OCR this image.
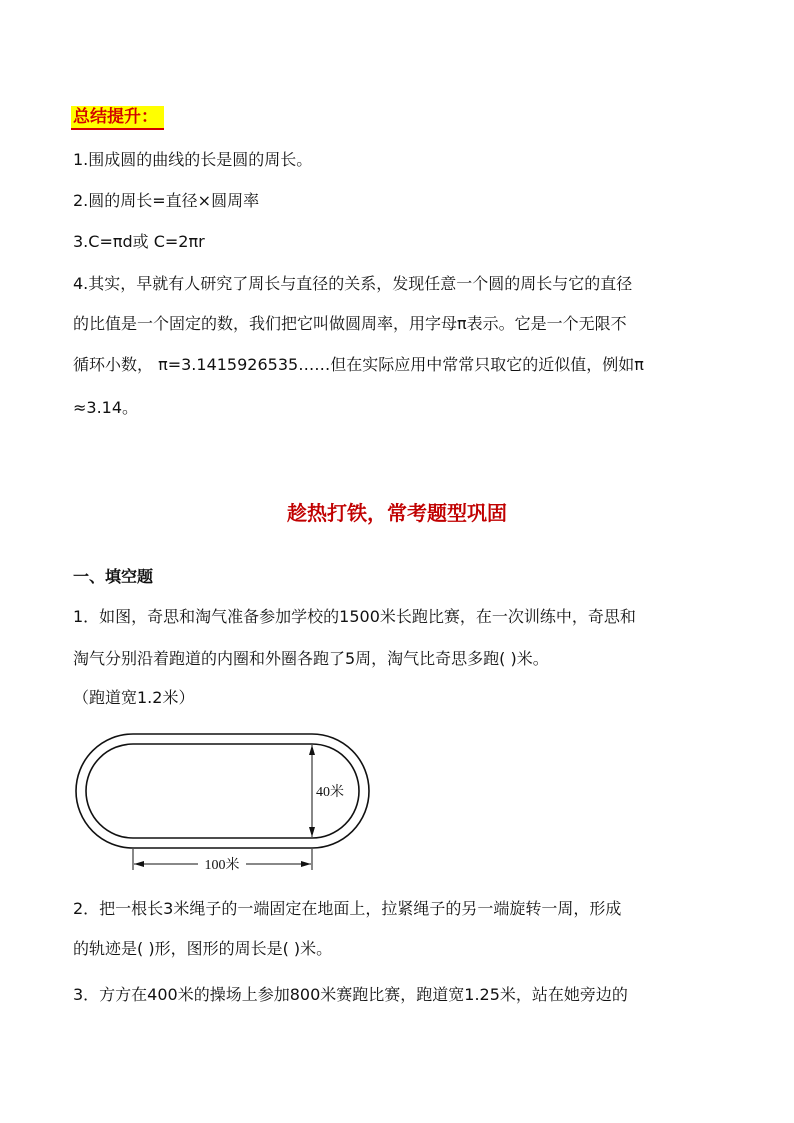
总结提升：
1.围成圆的曲线的长是圆的周长。
2.圆的周长=直径×圆周率
3.C=πd或 C=2πr
4.其实，早就有人研究了周长与直径的关系，发现任意一个圆的周长与它的直径
的比值是一个固定的数，我们把它叫做圆周率，用字母π表示。它是一个无限不
循环小数， π=3.1415926535……但在实际应用中常常只取它的近似值，例如π
≈3.14。
趁热打铁，常考题型巩固
一、填空题
1．如图，奇思和淘气准备参加学校的1500米长跑比赛，在一次训练中，奇思和
淘气分别沿着跑道的内圈和外圈各跑了5周，淘气比奇思多跑( )米。
（跑道宽1.2米）
40米
100米
2．把一根长3米绳子的一端固定在地面上，拉紧绳子的另一端旋转一周，形成
的轨迹是( )形，图形的周长是( )米。
3．方方在400米的操场上参加800米赛跑比赛，跑道宽1.25米，站在她旁边的
